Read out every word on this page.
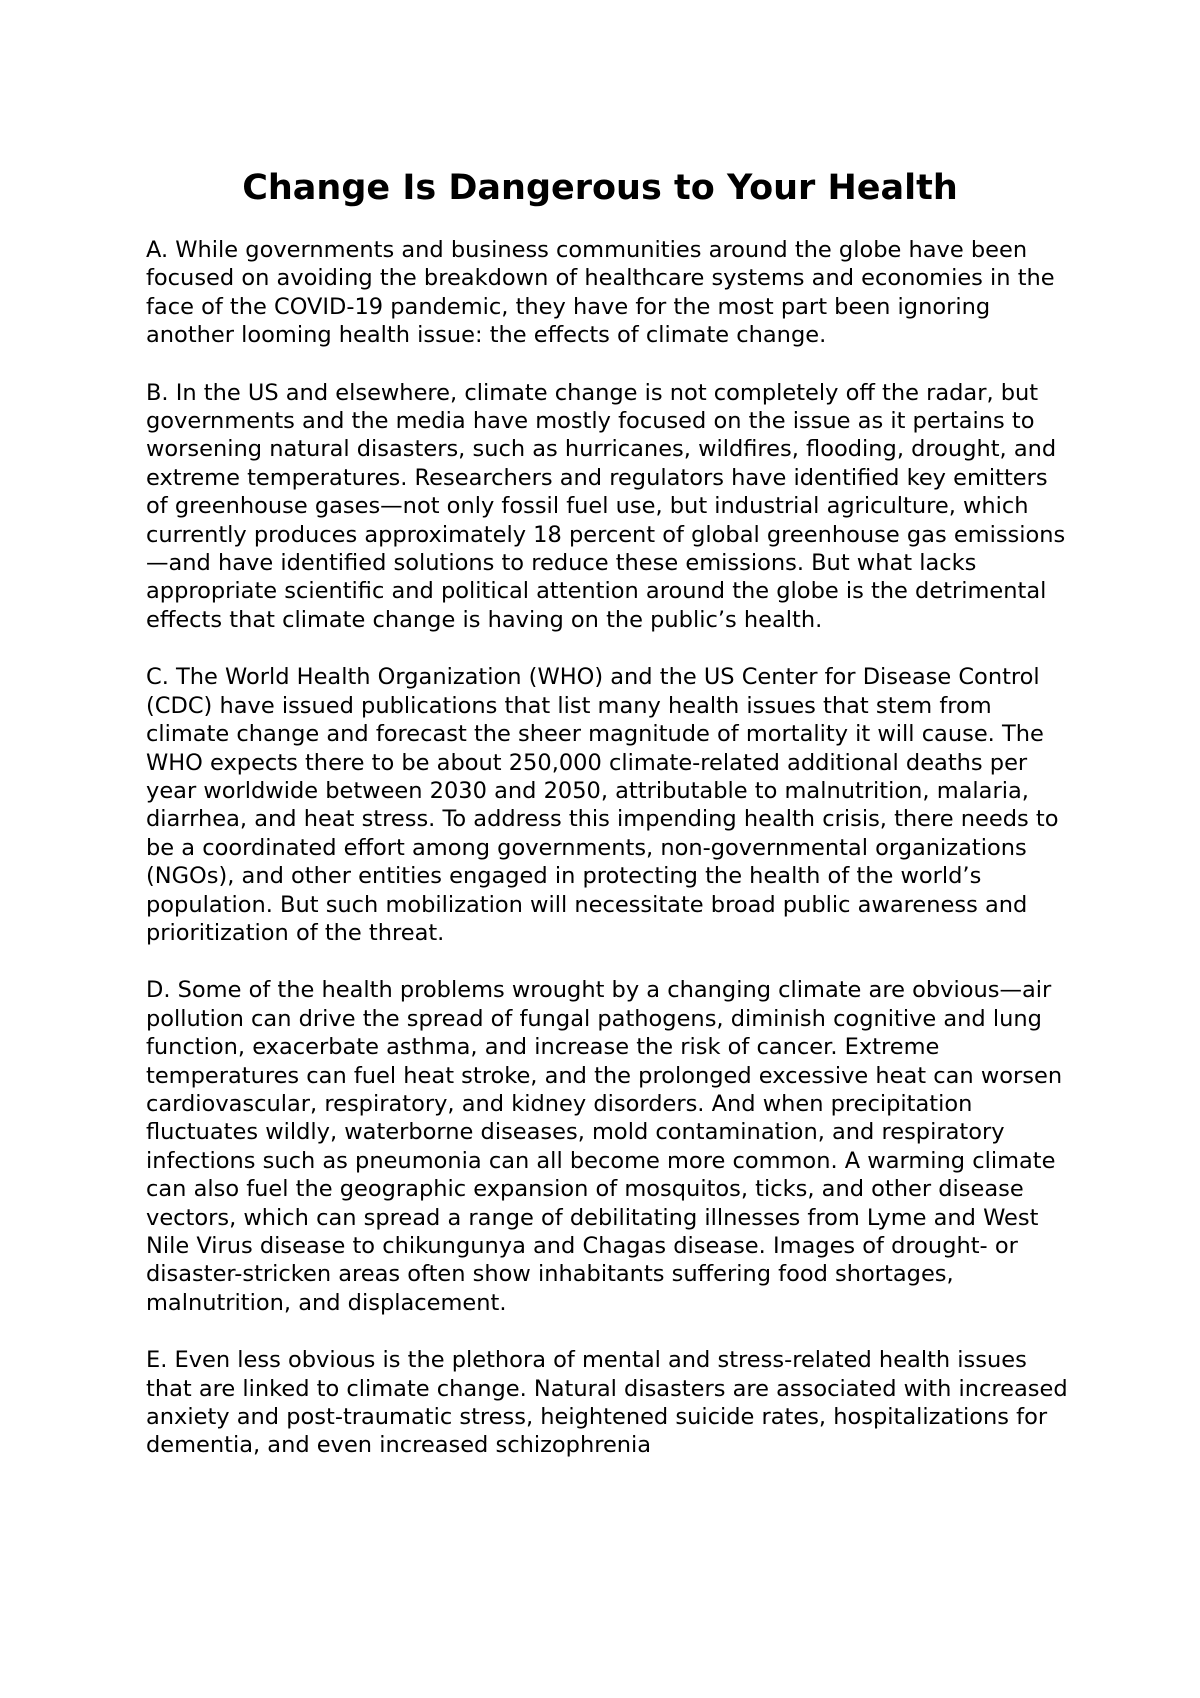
Change Is Dangerous to Your Health

A. While governments and business communities around the globe have been focused on avoiding the breakdown of healthcare systems and economies in the face of the COVID-19 pandemic, they have for the most part been ignoring another looming health issue: the effects of climate change.

B. In the US and elsewhere, climate change is not completely off the radar, but governments and the media have mostly focused on the issue as it pertains to worsening natural disasters, such as hurricanes, wildfires, flooding, drought, and extreme temperatures. Researchers and regulators have identified key emitters of greenhouse gases—not only fossil fuel use, but industrial agriculture, which currently produces approximately 18 percent of global greenhouse gas emissions—and have identified solutions to reduce these emissions. But what lacks appropriate scientific and political attention around the globe is the detrimental effects that climate change is having on the public’s health.

C. The World Health Organization (WHO) and the US Center for Disease Control (CDC) have issued publications that list many health issues that stem from climate change and forecast the sheer magnitude of mortality it will cause. The WHO expects there to be about 250,000 climate-related additional deaths per year worldwide between 2030 and 2050, attributable to malnutrition, malaria, diarrhea, and heat stress. To address this impending health crisis, there needs to be a coordinated effort among governments, non-governmental organizations (NGOs), and other entities engaged in protecting the health of the world’s population. But such mobilization will necessitate broad public awareness and prioritization of the threat.

D. Some of the health problems wrought by a changing climate are obvious—air pollution can drive the spread of fungal pathogens, diminish cognitive and lung function, exacerbate asthma, and increase the risk of cancer. Extreme temperatures can fuel heat stroke, and the prolonged excessive heat can worsen cardiovascular, respiratory, and kidney disorders. And when precipitation fluctuates wildly, waterborne diseases, mold contamination, and respiratory infections such as pneumonia can all become more common. A warming climate can also fuel the geographic expansion of mosquitos, ticks, and other disease vectors, which can spread a range of debilitating illnesses from Lyme and West Nile Virus disease to chikungunya and Chagas disease. Images of drought- or disaster-stricken areas often show inhabitants suffering food shortages, malnutrition, and displacement.

E. Even less obvious is the plethora of mental and stress-related health issues that are linked to climate change. Natural disasters are associated with increased anxiety and post-traumatic stress, heightened suicide rates, hospitalizations for dementia, and even increased schizophrenia
